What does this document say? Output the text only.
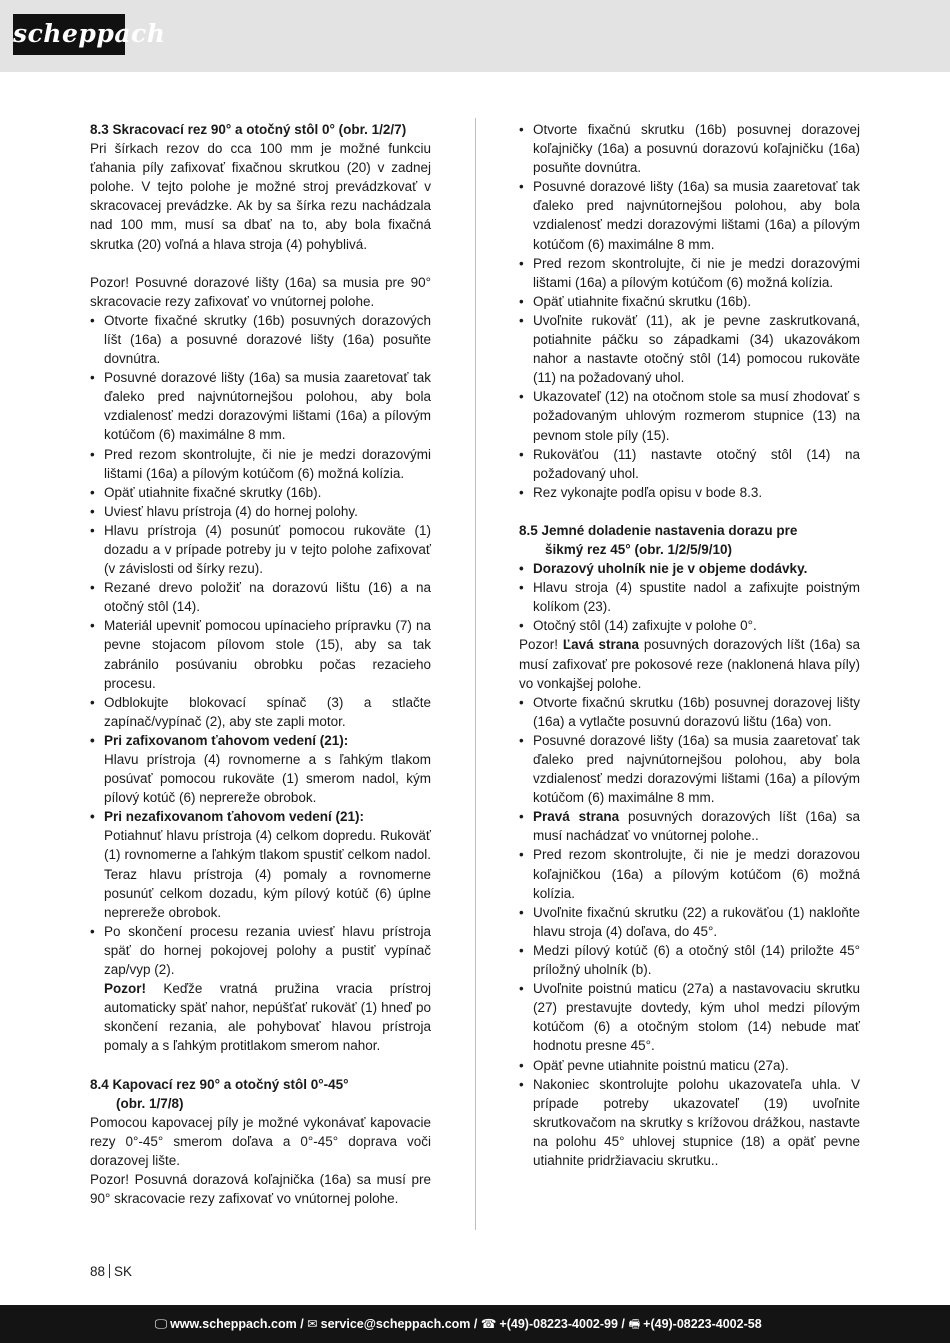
scheppach

8.3 Skracovací rez 90° a otočný stôl 0° (obr. 1/2/7)

Pri šírkach rezov do cca 100 mm je možné funkciu ťahania píly zafixovať fixačnou skrutkou (20) v zadnej polohe. V tejto polohe je možné stroj prevádzkovať v skracovacej prevádzke. Ak by sa šírka rezu nachádzala nad 100 mm, musí sa dbať na to, aby bola fixačná skrutka (20) voľná a hlava stroja (4) pohyblivá.

Pozor! Posuvné dorazové lišty (16a) sa musia pre 90° skracovacie rezy zafixovať vo vnútornej polohe.

• Otvorte fixačné skrutky (16b) posuvných dorazových líšt (16a) a posuvné dorazové lišty (16a) posuňte dovnútra.
• Posuvné dorazové lišty (16a) sa musia zaaretovať tak ďaleko pred najvnútornejšou polohou, aby bola vzdialenosť medzi dorazovými lištami (16a) a pílovým kotúčom (6) maximálne 8 mm.
• Pred rezom skontrolujte, či nie je medzi dorazovými lištami (16a) a pílovým kotúčom (6) možná kolízia.
• Opäť utiahnite fixačné skrutky (16b).
• Uviesť hlavu prístroja (4) do hornej polohy.
• Hlavu prístroja (4) posunúť pomocou rukoväte (1) dozadu a v prípade potreby ju v tejto polohe zafixovať (v závislosti od šírky rezu).
• Rezané drevo položiť na dorazovú lištu (16) a na otočný stôl (14).
• Materiál upevniť pomocou upínacieho prípravku (7) na pevne stojacom pílovom stole (15), aby sa tak zabránilo posúvaniu obrobku počas rezacieho procesu.
• Odblokujte blokovací spínač (3) a stlačte zapínač/vypínač (2), aby ste zapli motor.
• Pri zafixovanom ťahovom vedení (21):

Hlavu prístroja (4) rovnomerne a s ľahkým tlakom posúvať pomocou rukoväte (1) smerom nadol, kým pílový kotúč (6) neprereže obrobok.

• Pri nezafixovanom ťahovom vedení (21):

Potiahnuť hlavu prístroja (4) celkom dopredu. Rukoväť (1) rovnomerne a ľahkým tlakom spustiť celkom nadol. Teraz hlavu prístroja (4) pomaly a rovnomerne posunúť celkom dozadu, kým pílový kotúč (6) úplne neprereže obrobok.

• Po skončení procesu rezania uviesť hlavu prístroja späť do hornej pokojovej polohy a pustiť vypínač zap/vyp (2).

Pozor! Keďže vratná pružina vracia prístroj automaticky späť nahor, nepúšťať rukoväť (1) hneď po skončení rezania, ale pohybovať hlavou prístroja pomaly a s ľahkým protitlakom smerom nahor.

8.4 Kapovací rez 90° a otočný stôl 0°-45°

(obr. 1/7/8)

Pomocou kapovacej píly je možné vykonávať kapovacie rezy 0°-45° smerom doľava a 0°-45° doprava voči dorazovej lište.

Pozor! Posuvná dorazová koľajnička (16a) sa musí pre 90° skracovacie rezy zafixovať vo vnútornej polohe.

• Otvorte fixačnú skrutku (16b) posuvnej dorazovej koľajničky (16a) a posuvnú dorazovú koľajničku (16a) posuňte dovnútra.
• Posuvné dorazové lišty (16a) sa musia zaaretovať tak ďaleko pred najvnútornejšou polohou, aby bola vzdialenosť medzi dorazovými lištami (16a) a pílovým kotúčom (6) maximálne 8 mm.
• Pred rezom skontrolujte, či nie je medzi dorazovými lištami (16a) a pílovým kotúčom (6) možná kolízia.
• Opäť utiahnite fixačnú skrutku (16b).
• Uvoľnite rukoväť (11), ak je pevne zaskrutkovaná, potiahnite páčku so západkami (34) ukazovákom nahor a nastavte otočný stôl (14) pomocou rukoväte (11) na požadovaný uhol.
• Ukazovateľ (12) na otočnom stole sa musí zhodovať s požadovaným uhlovým rozmerom stupnice (13) na pevnom stole píly (15).
• Rukoväťou (11) nastavte otočný stôl (14) na požadovaný uhol.
• Rez vykonajte podľa opisu v bode 8.3.

8.5 Jemné doladenie nastavenia dorazu pre

šikmý rez 45° (obr. 1/2/5/9/10)

• Dorazový uholník nie je v objeme dodávky.
• Hlavu stroja (4) spustite nadol a zafixujte poistným kolíkom (23).
• Otočný stôl (14) zafixujte v polohe 0°.

Pozor! Ľavá strana posuvných dorazových líšt (16a) sa musí zafixovať pre pokosové reze (naklonená hlava píly) vo vonkajšej polohe.

• Otvorte fixačnú skrutku (16b) posuvnej dorazovej lišty (16a) a vytlačte posuvnú dorazovú lištu (16a) von.
• Posuvné dorazové lišty (16a) sa musia zaaretovať tak ďaleko pred najvnútornejšou polohou, aby bola vzdialenosť medzi dorazovými lištami (16a) a pílovým kotúčom (6) maximálne 8 mm.
• Pravá strana posuvných dorazových líšt (16a) sa musí nachádzať vo vnútornej polohe..
• Pred rezom skontrolujte, či nie je medzi dorazovou koľajničkou (16a) a pílovým kotúčom (6) možná kolízia.
• Uvoľnite fixačnú skrutku (22) a rukoväťou (1) nakloňte hlavu stroja (4) doľava, do 45°.
• Medzi pílový kotúč (6) a otočný stôl (14) priložte 45° príložný uholník (b).
• Uvoľnite poistnú maticu (27a) a nastavovaciu skrutku (27) prestavujte dovtedy, kým uhol medzi pílovým kotúčom (6) a otočným stolom (14) nebude mať hodnotu presne 45°.
• Opäť pevne utiahnite poistnú maticu (27a).
• Nakoniec skontrolujte polohu ukazovateľa uhla. V prípade potreby ukazovateľ (19) uvoľnite skrutkovačom na skrutky s krížovou drážkou, nastavte na polohu 45° uhlovej stupnice (18) a opäť pevne utiahnite pridržiavaciu skrutku..
88 SK
🖵 www.scheppach.com / ✉ service@scheppach.com / ☎ +(49)-08223-4002-99 / 🖷 +(49)-08223-4002-58
